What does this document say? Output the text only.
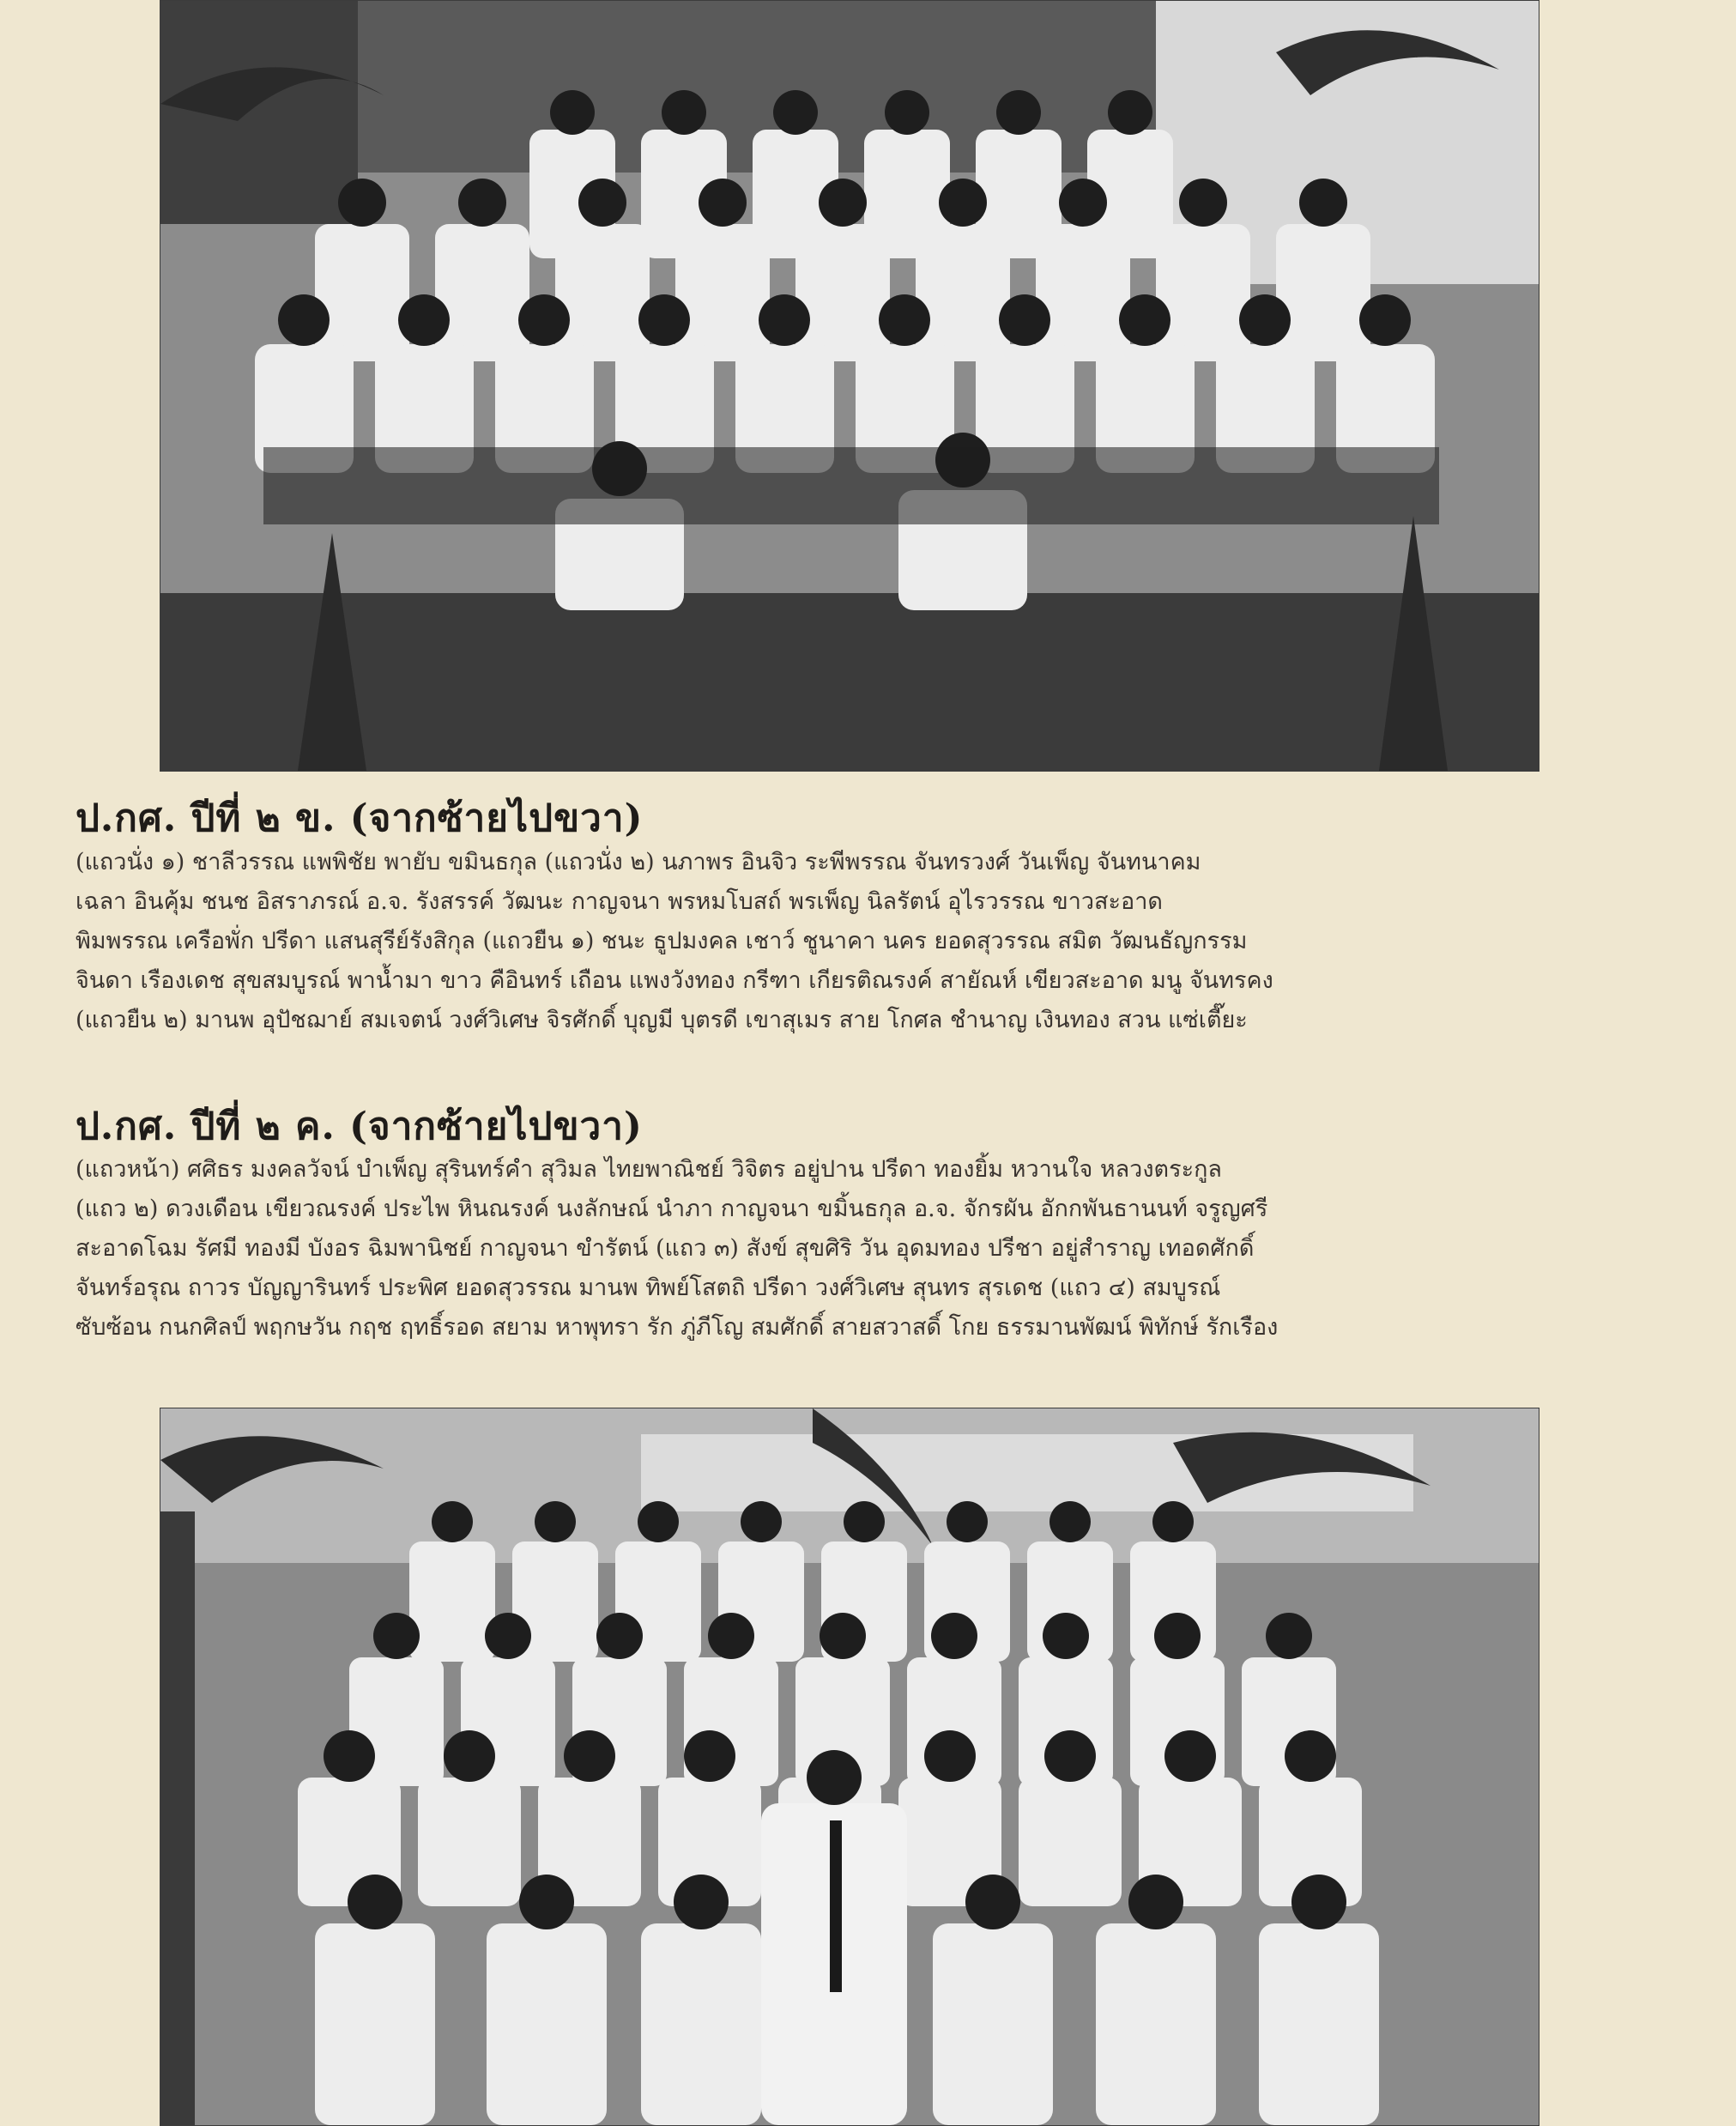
ป.กศ. ปีที่ ๒ ข. (จากซ้ายไปขวา)
(แถวนั่ง ๑) ชาลีวรรณ แพพิชัย พายับ ขมินธกุล (แถวนั่ง ๒) นภาพร อินจิว ระพีพรรณ จันทรวงศ์ วันเพ็ญ จันทนาคม
เฉลา อินคุ้ม ชนช อิสราภรณ์ อ.จ. รังสรรค์ วัฒนะ กาญจนา พรหมโบสถ์ พรเพ็ญ นิลรัตน์ อุไรวรรณ ขาวสะอาด
พิมพรรณ เครือพั่ก ปรีดา แสนสุรีย์รังสิกุล (แถวยืน ๑) ชนะ ธูปมงคล เชาว์ ชูนาคา นคร ยอดสุวรรณ สมิต วัฒนธัญกรรม
จินดา เรืองเดช สุขสมบูรณ์ พาน้ำมา ขาว คือินทร์ เถือน แพงวังทอง กรีฑา เกียรติณรงค์ สายัณห์ เขียวสะอาด มนู จันทรคง
(แถวยืน ๒) มานพ อุปัชฌาย์ สมเจตน์ วงศ์วิเศษ จิรศักดิ์ บุญมี บุตรดี เขาสุเมร สาย โกศล ชำนาญ เงินทอง สวน แซ่เตี๊ยะ
ป.กศ. ปีที่ ๒ ค. (จากซ้ายไปขวา)
(แถวหน้า) ศศิธร มงคลวัจน์ บำเพ็ญ สุรินทร์คำ สุวิมล ไทยพาณิชย์ วิจิตร อยู่ปาน ปรีดา ทองยิ้ม หวานใจ หลวงตระกูล
(แถว ๒) ดวงเดือน เขียวณรงค์ ประไพ หินณรงค์ นงลักษณ์ นำภา กาญจนา ขมิ้นธกุล อ.จ. จักรผัน อักกพันธานนท์ จรูญศรี
สะอาดโฉม รัศมี ทองมี บังอร ฉิมพานิชย์ กาญจนา ขำรัตน์ (แถว ๓) สังข์ สุขศิริ วัน อุดมทอง ปรีชา อยู่สำราญ เทอดศักดิ์
จันทร์อรุณ ถาวร บัญญารินทร์ ประพิศ ยอดสุวรรณ มานพ ทิพย์โสตถิ ปรีดา วงศ์วิเศษ สุนทร สุรเดช (แถว ๔) สมบูรณ์
ซับซ้อน กนกศิลป์ พฤกษวัน กฤช ฤทธิ์รอด สยาม หาพุทรา รัก ภู่ภีโญ สมศักดิ์ สายสวาสดิ์ โกย ธรรมานพัฒน์ พิทักษ์ รักเรือง
